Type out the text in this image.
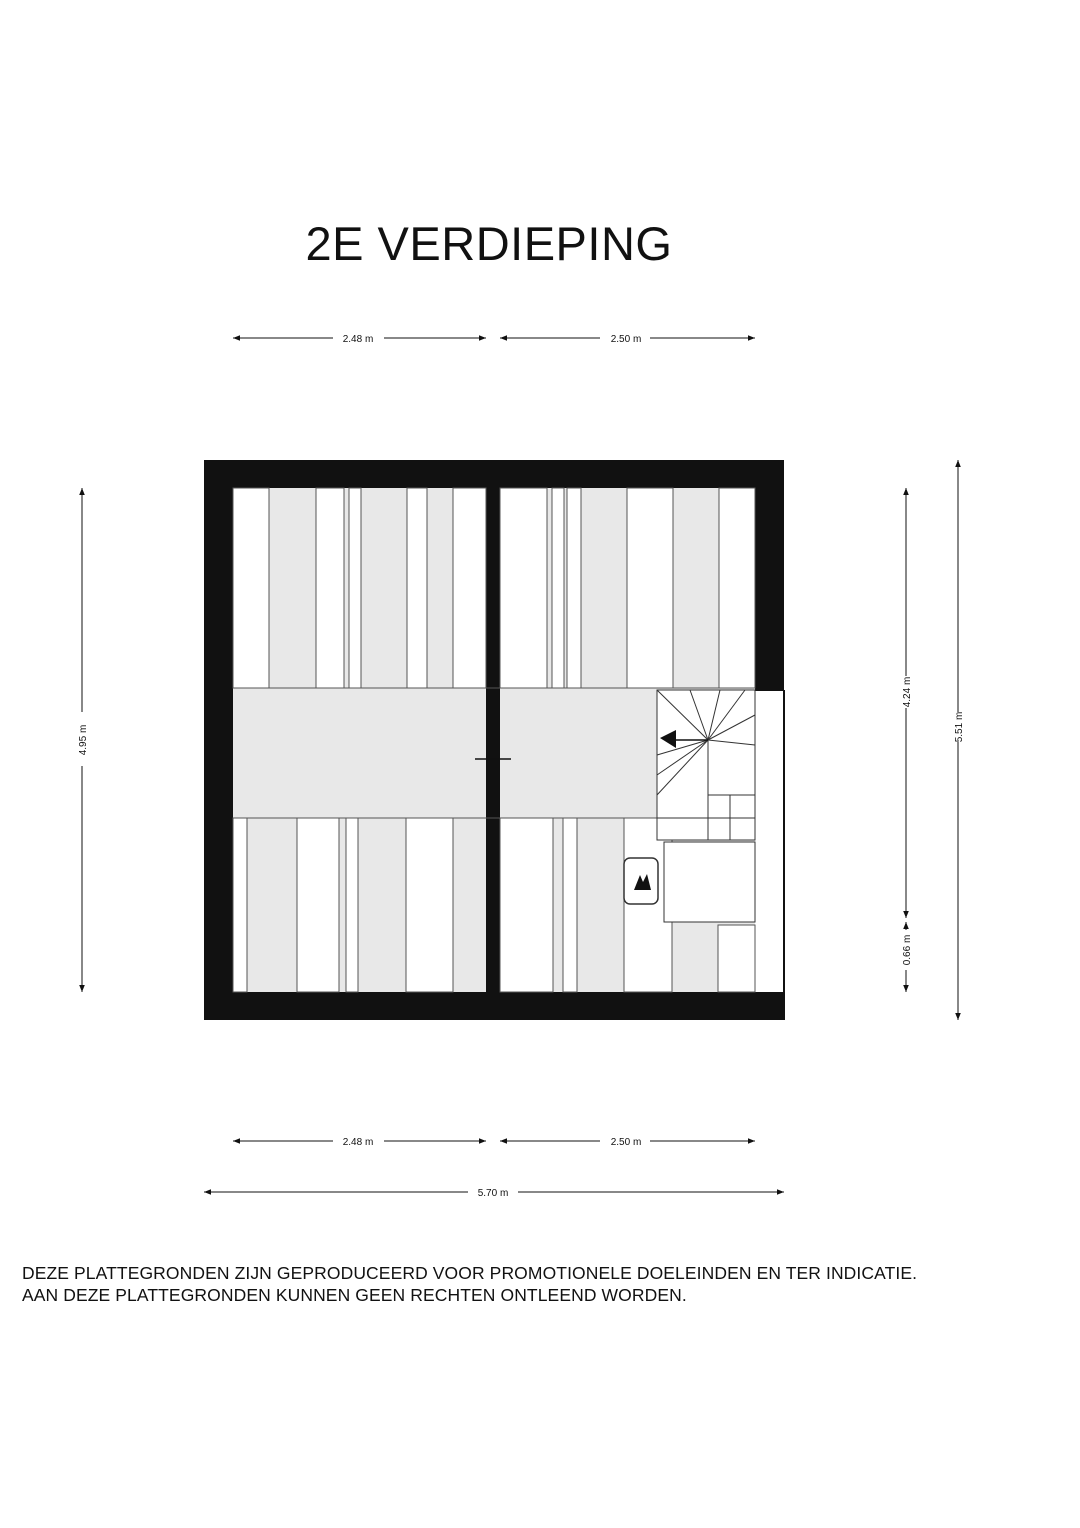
2E VERDIEPING
2.48 m	2.50 m
2.48 m	2.50 m
5.70 m
4.95 m
4.24 m
0.66 m
5.51 m
DEZE PLATTEGRONDEN ZIJN GEPRODUCEERD VOOR PROMOTIONELE DOELEINDEN EN TER INDICATIE.
AAN DEZE PLATTEGRONDEN KUNNEN GEEN RECHTEN ONTLEEND WORDEN.
